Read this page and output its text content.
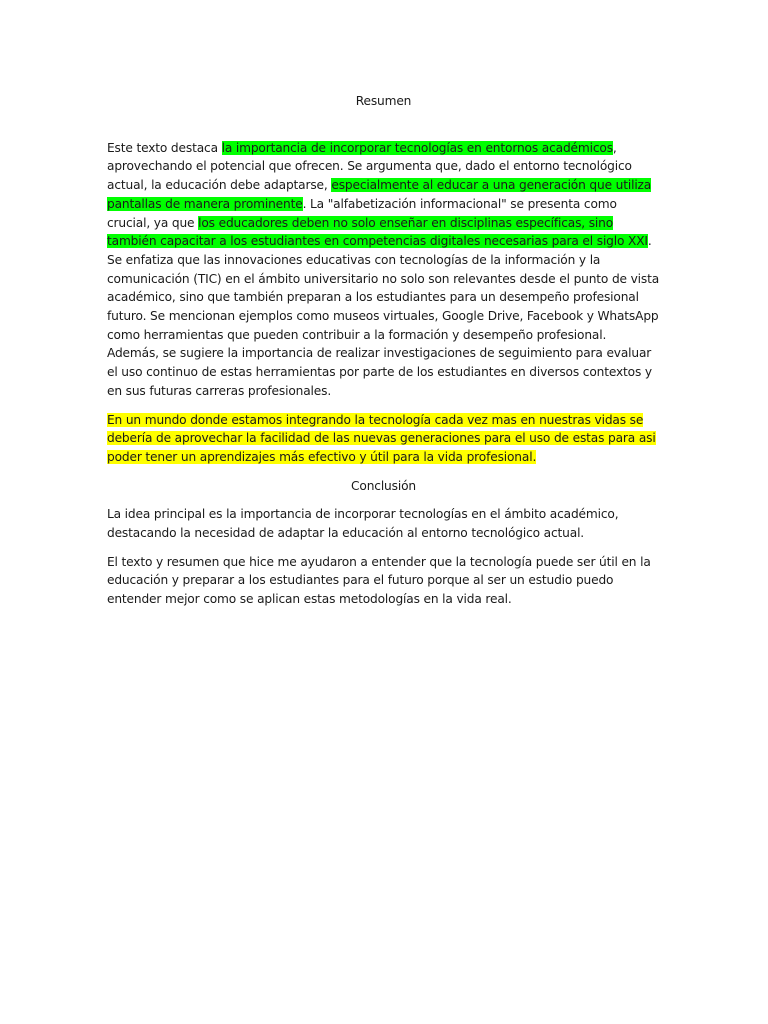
Resumen

Este texto destaca la importancia de incorporar tecnologías en entornos académicos, aprovechando el potencial que ofrecen. Se argumenta que, dado el entorno tecnológico actual, la educación debe adaptarse, especialmente al educar a una generación que utiliza pantallas de manera prominente. La "alfabetización informacional" se presenta como crucial, ya que los educadores deben no solo enseñar en disciplinas específicas, sino también capacitar a los estudiantes en competencias digitales necesarias para el siglo XXI. Se enfatiza que las innovaciones educativas con tecnologías de la información y la comunicación (TIC) en el ámbito universitario no solo son relevantes desde el punto de vista académico, sino que también preparan a los estudiantes para un desempeño profesional futuro. Se mencionan ejemplos como museos virtuales, Google Drive, Facebook y WhatsApp como herramientas que pueden contribuir a la formación y desempeño profesional. Además, se sugiere la importancia de realizar investigaciones de seguimiento para evaluar el uso continuo de estas herramientas por parte de los estudiantes en diversos contextos y en sus futuras carreras profesionales.

En un mundo donde estamos integrando la tecnología cada vez mas en nuestras vidas se debería de aprovechar la facilidad de las nuevas generaciones para el uso de estas para asi poder tener un aprendizajes más efectivo y útil para la vida profesional.

Conclusión

La idea principal es la importancia de incorporar tecnologías en el ámbito académico, destacando la necesidad de adaptar la educación al entorno tecnológico actual.

El texto y resumen que hice me ayudaron a entender que la tecnología puede ser útil en la educación y preparar a los estudiantes para el futuro porque al ser un estudio puedo entender mejor como se aplican estas metodologías en la vida real.
